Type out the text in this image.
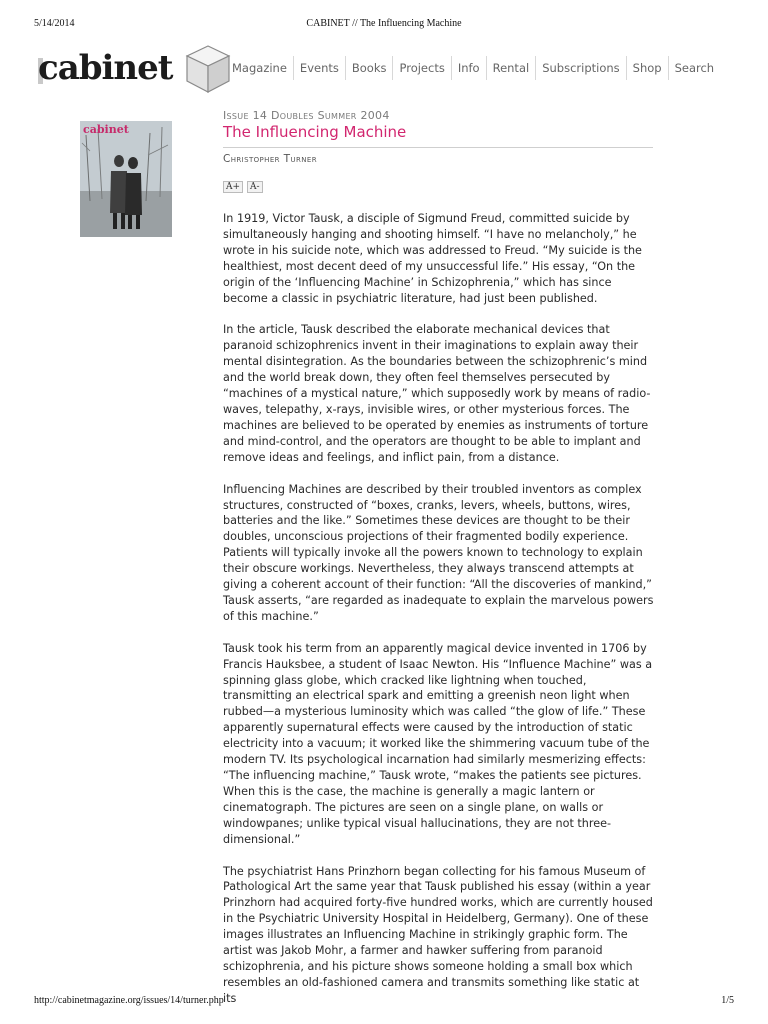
5/14/2014	CABINET // The Influencing Machine
cabinet	Magazine	Events	Books	Projects	Info	Rental	Subscriptions	Shop	Search
cabinet
Issue 14 Doubles Summer 2004
The Influencing Machine
Christopher Turner
A+	A-

In 1919, Victor Tausk, a disciple of Sigmund Freud, committed suicide by simultaneously hanging and shooting himself. “I have no melancholy,” he wrote in his suicide note, which was addressed to Freud. “My suicide is the healthiest, most decent deed of my unsuccessful life.” His essay, “On the origin of the ‘Influencing Machine’ in Schizophrenia,” which has since become a classic in psychiatric literature, had just been published.

In the article, Tausk described the elaborate mechanical devices that paranoid schizophrenics invent in their imaginations to explain away their mental disintegration. As the boundaries between the schizophrenic’s mind and the world break down, they often feel themselves persecuted by “machines of a mystical nature,” which supposedly work by means of radio-waves, telepathy, x-rays, invisible wires, or other mysterious forces. The machines are believed to be operated by enemies as instruments of torture and mind-control, and the operators are thought to be able to implant and remove ideas and feelings, and inflict pain, from a distance.

Influencing Machines are described by their troubled inventors as complex structures, constructed of “boxes, cranks, levers, wheels, buttons, wires, batteries and the like.” Sometimes these devices are thought to be their doubles, unconscious projections of their fragmented bodily experience. Patients will typically invoke all the powers known to technology to explain their obscure workings. Nevertheless, they always transcend attempts at giving a coherent account of their function: “All the discoveries of mankind,” Tausk asserts, “are regarded as inadequate to explain the marvelous powers of this machine.”

Tausk took his term from an apparently magical device invented in 1706 by Francis Hauksbee, a student of Isaac Newton. His “Influence Machine” was a spinning glass globe, which cracked like lightning when touched, transmitting an electrical spark and emitting a greenish neon light when rubbed—a mysterious luminosity which was called “the glow of life.” These apparently supernatural effects were caused by the introduction of static electricity into a vacuum; it worked like the shimmering vacuum tube of the modern TV. Its psychological incarnation had similarly mesmerizing effects: “The influencing machine,” Tausk wrote, “makes the patients see pictures. When this is the case, the machine is generally a magic lantern or cinematograph. The pictures are seen on a single plane, on walls or windowpanes; unlike typical visual hallucinations, they are not three-dimensional.”

The psychiatrist Hans Prinzhorn began collecting for his famous Museum of Pathological Art the same year that Tausk published his essay (within a year Prinzhorn had acquired forty-five hundred works, which are currently housed in the Psychiatric University Hospital in Heidelberg, Germany). One of these images illustrates an Influencing Machine in strikingly graphic form. The artist was Jakob Mohr, a farmer and hawker suffering from paranoid schizophrenia, and his picture shows someone holding a small box which resembles an old-fashioned camera and transmits something like static at its

http://cabinetmagazine.org/issues/14/turner.php	1/5
